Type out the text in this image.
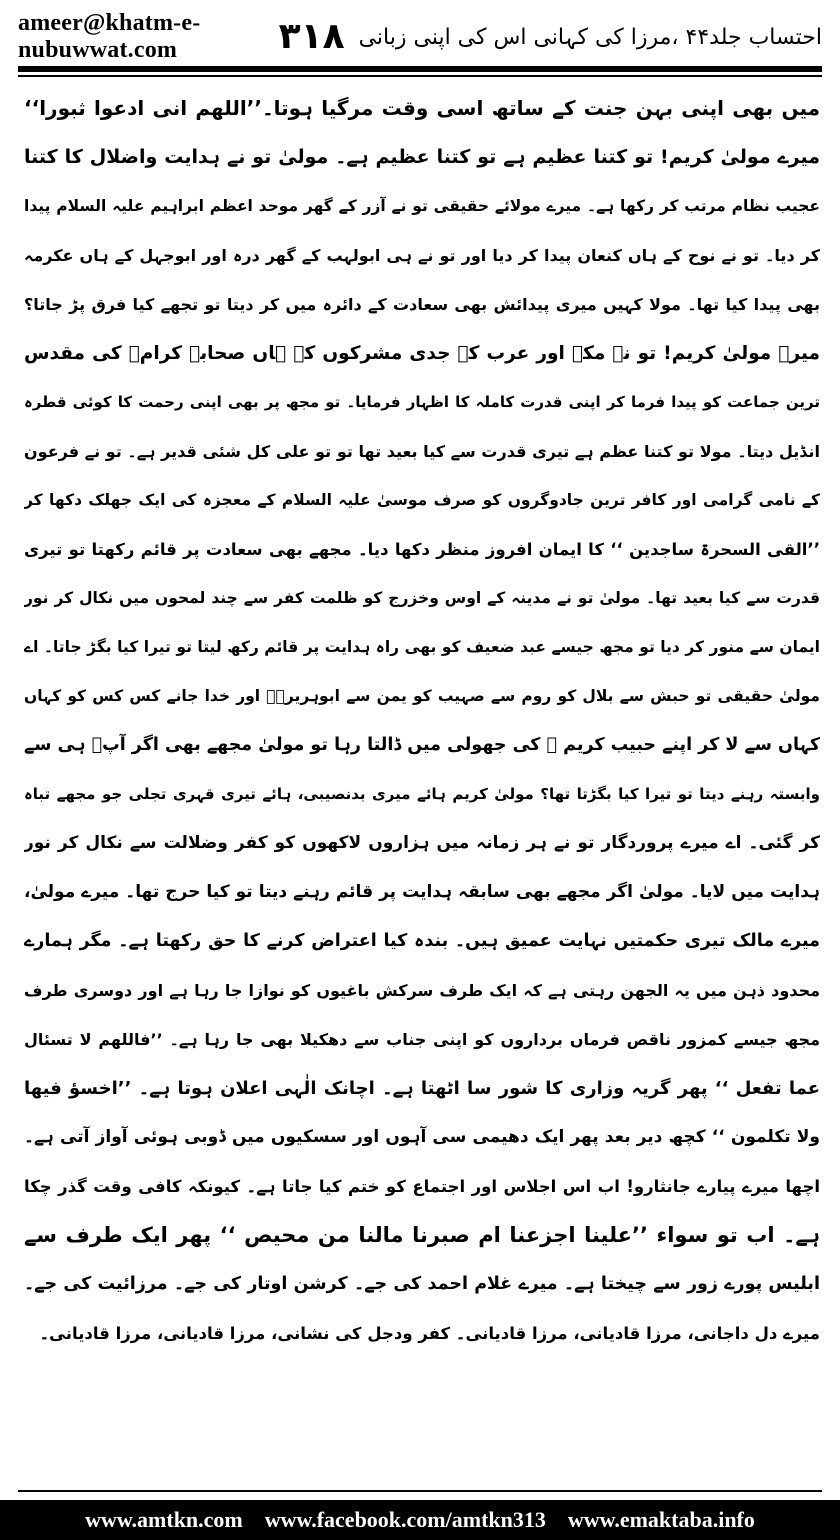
ameer@khatm-e-nubuwwat.com	۳۱۸ احتساب جلد۴۴ ،مرزا کی کہانی اس کی اپنی زبانی
میں بھی اپنی بہن جنت کے ساتھ اسی وقت مرگیا ہوتا۔’’اللھم انی ادعوا ثبورا‘‘
میرے مولیٰ کریم! تو کتنا عظیم ہے تو کتنا عظیم ہے۔ مولیٰ تو نے ہدایت واضلال کا کتنا
عجیب نظام مرتب کر رکھا ہے۔ میرے مولائے حقیقی تو نے آزر کے گھر موحد اعظم ابراہیم علیہ السلام پیدا
کر دیا۔ تو نے نوح کے ہاں کنعان پیدا کر دیا اور تو نے ہی ابولہب کے گھر درہ اور ابوجہل کے ہاں عکرمہ
بھی پیدا کیا تھا۔ مولا کہیں میری پیدائش بھی سعادت کے دائرہ میں کر دیتا تو تجھے کیا فرق پڑ جاتا؟
میرے مولیٰ کریم! تو نے مکہ اور عرب کے جدی مشرکوں کے ہاں صحابہ کرامؓ کی مقدس
ترین جماعت کو پیدا فرما کر اپنی قدرت کاملہ کا اظہار فرمایا۔ تو مجھ پر بھی اپنی رحمت کا کوئی قطرہ
انڈیل دیتا۔ مولا تو کتنا عظم ہے تیری قدرت سے کیا بعید تھا تو تو علی کل شئی قدیر ہے۔ تو نے فرعون
کے نامی گرامی اور کافر ترین جادوگروں کو صرف موسیٰ علیہ السلام کے معجزہ کی ایک جھلک دکھا کر
’’القی السحرۃ ساجدین ‘‘ کا ایمان افروز منظر دکھا دیا۔ مجھے بھی سعادت پر قائم رکھتا تو تیری
قدرت سے کیا بعید تھا۔ مولیٰ تو نے مدینہ کے اوس وخزرج کو ظلمت کفر سے چند لمحوں میں نکال کر نور
ایمان سے منور کر دیا تو مجھ جیسے عبد ضعیف کو بھی راہ ہدایت پر قائم رکھ لیتا تو تیرا کیا بگڑ جاتا۔ اے
مولیٰ حقیقی تو حبش سے بلال کو روم سے صہیب کو یمن سے ابوہریرہؓ اور خدا جانے کس کس کو کہاں
کہاں سے لا کر اپنے حبیب کریم ﷺ کی جھولی میں ڈالتا رہا تو مولیٰ مجھے بھی اگر آپؐ ہی سے
وابستہ رہنے دیتا تو تیرا کیا بگڑتا تھا؟ مولیٰ کریم ہائے میری بدنصیبی، ہائے تیری قہری تجلی جو مجھے تباہ
کر گئی۔ اے میرے پروردگار تو نے ہر زمانہ میں ہزاروں لاکھوں کو کفر وضلالت سے نکال کر نور
ہدایت میں لایا۔ مولیٰ اگر مجھے بھی سابقہ ہدایت پر قائم رہنے دیتا تو کیا حرج تھا۔ میرے مولیٰ،
میرے مالک تیری حکمتیں نہایت عمیق ہیں۔ بندہ کیا اعتراض کرنے کا حق رکھتا ہے۔ مگر ہمارے
محدود ذہن میں یہ الجھن رہتی ہے کہ ایک طرف سرکش باغیوں کو نوازا جا رہا ہے اور دوسری طرف
مجھ جیسے کمزور ناقص فرماں برداروں کو اپنی جناب سے دھکیلا بھی جا رہا ہے۔ ’’فاللھم لا تسئال
عما تفعل ‘‘ پھر گریہ وزاری کا شور سا اٹھتا ہے۔ اچانک الٰہی اعلان ہوتا ہے۔ ’’اخسؤ فیھا
ولا تکلمون ‘‘ کچھ دیر بعد پھر ایک دھیمی سی آہوں اور سسکیوں میں ڈوبی ہوئی آواز آتی ہے۔
اچھا میرے پیارے جانثارو! اب اس اجلاس اور اجتماع کو ختم کیا جاتا ہے۔ کیونکہ کافی وقت گذر چکا
ہے۔ اب تو سواء ’’علینا اجزعنا ام صبرنا مالنا من محیص ‘‘ پھر ایک طرف سے
ابلیس پورے زور سے چیختا ہے۔ میرے غلام احمد کی جے۔ کرشن اوتار کی جے۔ مرزائیت کی جے۔
میرے دل داجانی، مرزا قادیانی، مرزا قادیانی۔ کفر ودجل کی نشانی، مرزا قادیانی، مرزا قادیانی۔
www.amtkn.com www.facebook.com/amtkn313 www.emaktaba.info
